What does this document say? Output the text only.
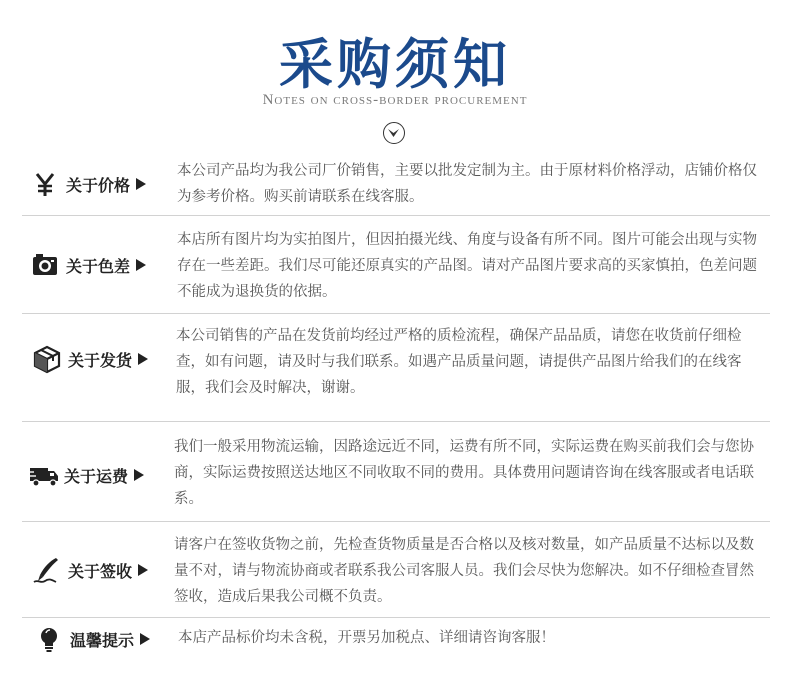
采购须知
Notes on cross-border procurement
关于价格
本公司产品均为我公司厂价销售，主要以批发定制为主。由于原材料价格浮动，店铺价格仅为参考价格。购买前请联系在线客服。
关于色差
本店所有图片均为实拍图片，但因拍摄光线、角度与设备有所不同。图片可能会出现与实物存在一些差距。我们尽可能还原真实的产品图。请对产品图片要求高的买家慎拍，色差问题不能成为退换货的依据。
关于发货
本公司销售的产品在发货前均经过严格的质检流程，确保产品品质，请您在收货前仔细检查，如有问题，请及时与我们联系。如遇产品质量问题，请提供产品图片给我们的在线客服，我们会及时解决，谢谢。
关于运费
我们一般采用物流运输，因路途远近不同，运费有所不同，实际运费在购买前我们会与您协商，实际运费按照送达地区不同收取不同的费用。具体费用问题请咨询在线客服或者电话联系。
关于签收
请客户在签收货物之前，先检查货物质量是否合格以及核对数量，如产品质量不达标以及数量不对，请与物流协商或者联系我公司客服人员。我们会尽快为您解决。如不仔细检查冒然签收，造成后果我公司概不负责。
温馨提示	本店产品标价均未含税，开票另加税点、详细请咨询客服！
